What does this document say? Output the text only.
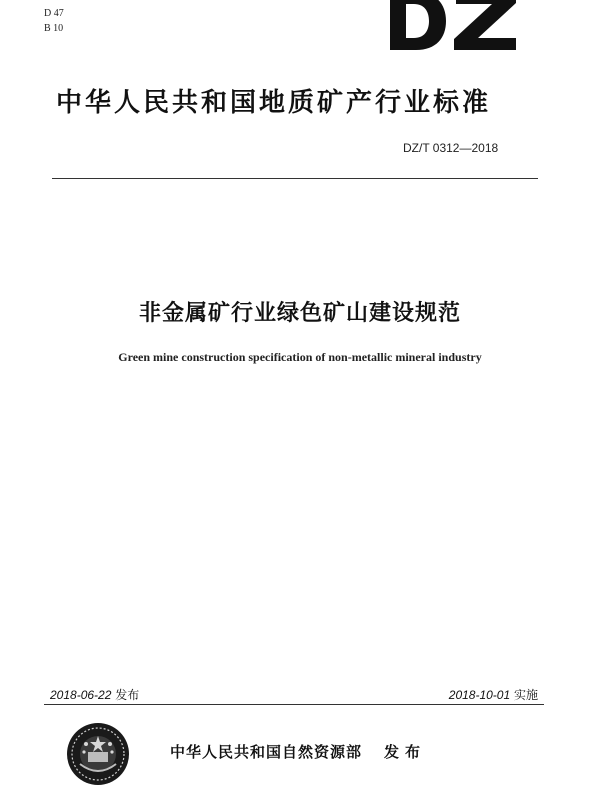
D 47
B 10
中华人民共和国地质矿产行业标准
DZ/T 0312—2018
非金属矿行业绿色矿山建设规范
Green mine construction specification of non-metallic mineral industry
2018-06-22 发布	2018-10-01 实施
中华人民共和国自然资源部 发布
